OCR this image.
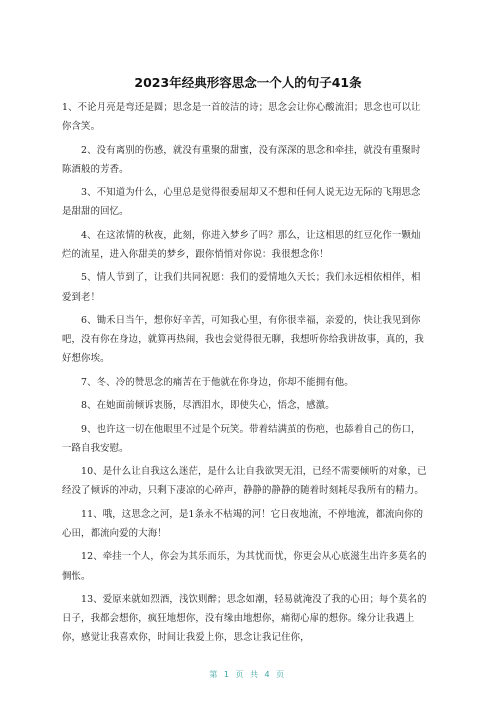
2023年经典形容思念一个人的句子41条

1、不论月亮是弯还是圆；思念是一首皎洁的诗；思念会让你心酸流泪；思念也可以让你含笑。

2、没有离别的伤感，就没有重聚的甜蜜，没有深深的思念和牵挂，就没有重聚时陈酒般的芳香。

3、不知道为什么，心里总是觉得很委屈却又不想和任何人说无边无际的飞翔思念是甜甜的回忆。

4、在这浓情的秋夜，此刻，你进入梦乡了吗？那么，让这相思的红豆化作一颗灿烂的流星，进入你甜美的梦乡，跟你悄悄对你说：我很想念你！

5、情人节到了，让我们共同祝愿：我们的爱情地久天长；我们永远相依相伴，相爱到老！

6、锄禾日当午，想你好辛苦，可知我心里，有你很幸福，亲爱的，快让我见到你吧，没有你在身边，就算再热闹，我也会觉得很无聊，我想听你给我讲故事，真的，我好想你埃。

7、冬、冷的赞思念的痛苦在于他就在你身边，你却不能拥有他。

8、在她面前倾诉衷肠，尽洒泪水，即使失心，悟念，感激。

9、也许这一切在他眼里不过是个玩笑。带着结满茧的伤疤，也舔着自己的伤口，一路自我安慰。

10、是什么让自我这么迷茫，是什么让自我欲哭无泪，已经不需要倾听的对象，已经没了倾诉的冲动，只剩下凄凉的心碎声，静静的静静的随着时刻耗尽我所有的精力。

11、哦，这思念之河，是1条永不枯竭的河！它日夜地流，不停地流，都流向你的心田，都流向爱的大海！

12、牵挂一个人，你会为其乐而乐，为其忧而忧，你更会从心底滋生出许多莫名的惆怅。

13、爱原来就如烈酒，浅饮则醉；思念如潮，轻易就淹没了我的心田；每个莫名的日子，我都会想你，疯狂地想你，没有缘由地想你，痛彻心扉的想你。缘分让我遇上你，感觉让我喜欢你，时间让我爱上你，思念让我记住你，

第 1 页 共 4 页
